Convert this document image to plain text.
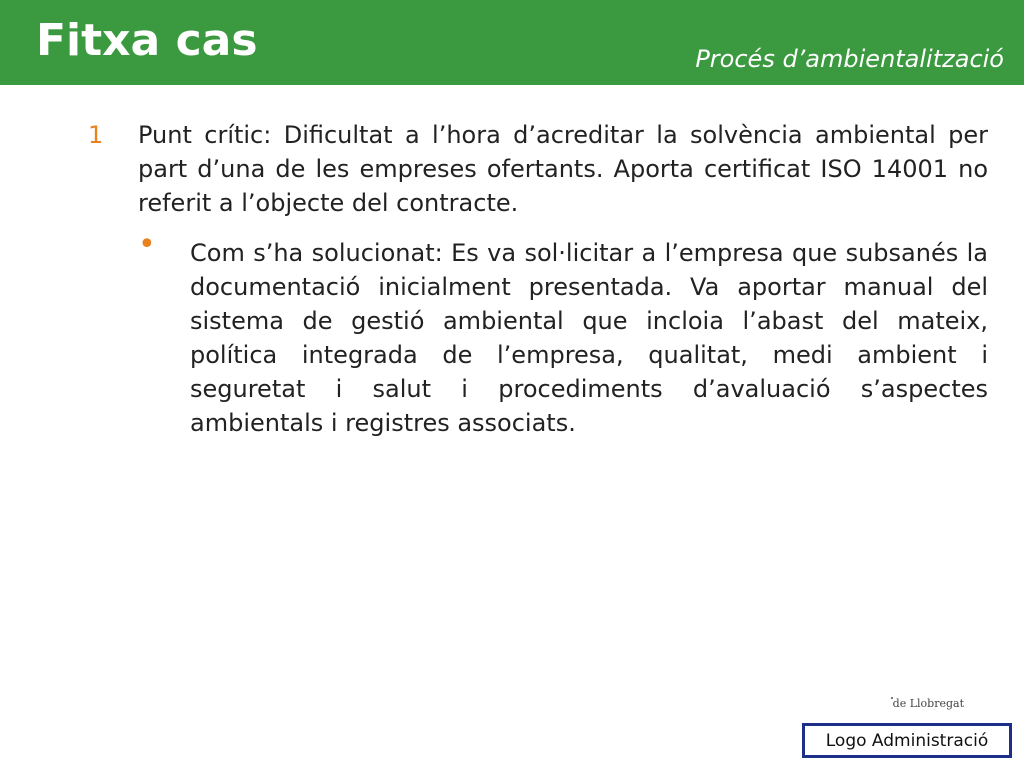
Fitxa cas	Procés d’ambientalització
1 Punt crític: Dificultat a l’hora d’acreditar la solvència ambiental per part d’una de les empreses ofertants. Aporta certificat ISO 14001 no referit a l’objecte del contracte.

• Com s’ha solucionat: Es va sol·licitar a l’empresa que subsanés la documentació inicialment presentada. Va aportar manual del sistema de gestió ambiental que incloia l’abast del mateix, política integrada de l’empresa, qualitat, medi ambient i seguretat i salut i procediments d’avaluació s’aspectes ambientals i registres associats.

de Llobregat
Logo Administració
